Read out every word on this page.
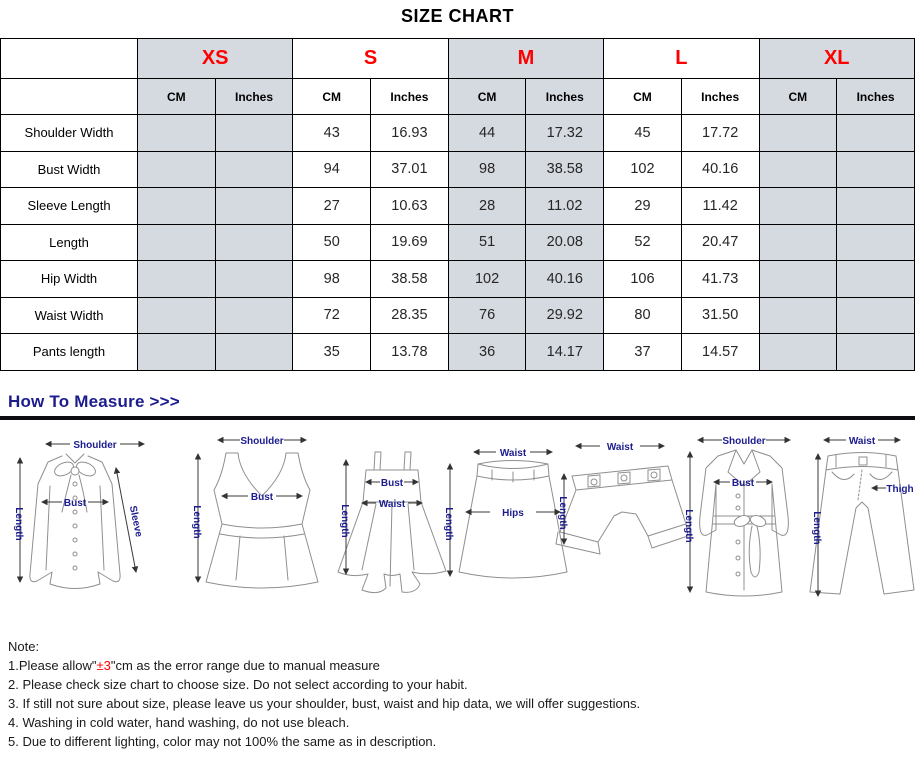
SIZE CHART
	XS		S		M		L		XL	
	CM	Inches	CM	Inches	CM	Inches	CM	Inches	CM	Inches
Shoulder Width			43	16.93	44	17.32	45	17.72		
Bust Width			94	37.01	98	38.58	102	40.16		
Sleeve Length			27	10.63	28	11.02	29	11.42		
Length			50	19.69	51	20.08	52	20.47		
Hip Width			98	38.58	102	40.16	106	41.73		
Waist Width			72	28.35	76	29.92	80	31.50		
Pants length			35	13.78	36	14.17	37	14.57		
How To Measure >>>
Shoulder
Length
Bust
Sleeve
Shoulder
Length
Bust
Length
Bust
Waist
Waist
Length	Hips
Waist
Length
Shoulder
Length
Bust
Waist
Length
Thigh
Note:
1.Please allow"±3"cm as the error range due to manual measure
2. Please check size chart to choose size. Do not select according to your habit.
3. If still not sure about size, please leave us your shoulder, bust, waist and hip data, we will offer suggestions.
4. Washing in cold water, hand washing, do not use bleach.
5. Due to different lighting, color may not 100% the same as in description.
